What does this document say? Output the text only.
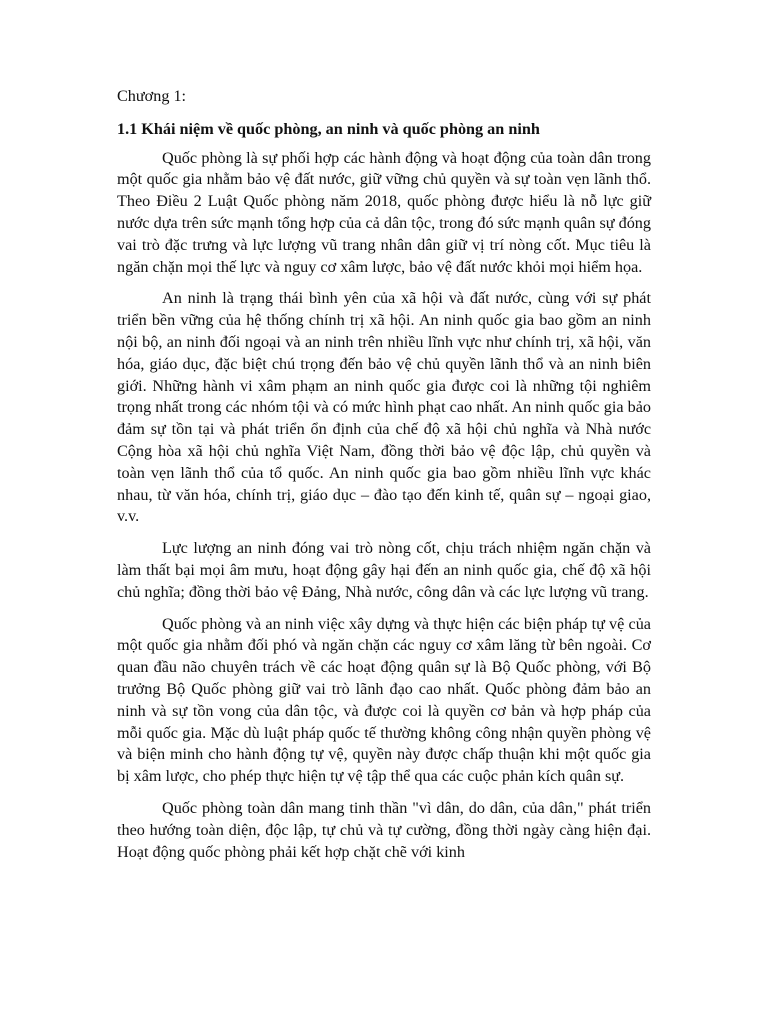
Chương 1:

1.1 Khái niệm về quốc phòng, an ninh và quốc phòng an ninh

Quốc phòng là sự phối hợp các hành động và hoạt động của toàn dân trong một quốc gia nhằm bảo vệ đất nước, giữ vững chủ quyền và sự toàn vẹn lãnh thổ. Theo Điều 2 Luật Quốc phòng năm 2018, quốc phòng được hiểu là nỗ lực giữ nước dựa trên sức mạnh tổng hợp của cả dân tộc, trong đó sức mạnh quân sự đóng vai trò đặc trưng và lực lượng vũ trang nhân dân giữ vị trí nòng cốt. Mục tiêu là ngăn chặn mọi thế lực và nguy cơ xâm lược, bảo vệ đất nước khỏi mọi hiểm họa.

An ninh là trạng thái bình yên của xã hội và đất nước, cùng với sự phát triển bền vững của hệ thống chính trị xã hội. An ninh quốc gia bao gồm an ninh nội bộ, an ninh đối ngoại và an ninh trên nhiều lĩnh vực như chính trị, xã hội, văn hóa, giáo dục, đặc biệt chú trọng đến bảo vệ chủ quyền lãnh thổ và an ninh biên giới. Những hành vi xâm phạm an ninh quốc gia được coi là những tội nghiêm trọng nhất trong các nhóm tội và có mức hình phạt cao nhất. An ninh quốc gia bảo đảm sự tồn tại và phát triển ổn định của chế độ xã hội chủ nghĩa và Nhà nước Cộng hòa xã hội chủ nghĩa Việt Nam, đồng thời bảo vệ độc lập, chủ quyền và toàn vẹn lãnh thổ của tổ quốc. An ninh quốc gia bao gồm nhiều lĩnh vực khác nhau, từ văn hóa, chính trị, giáo dục – đào tạo đến kinh tế, quân sự – ngoại giao, v.v.

Lực lượng an ninh đóng vai trò nòng cốt, chịu trách nhiệm ngăn chặn và làm thất bại mọi âm mưu, hoạt động gây hại đến an ninh quốc gia, chế độ xã hội chủ nghĩa; đồng thời bảo vệ Đảng, Nhà nước, công dân và các lực lượng vũ trang.

Quốc phòng và an ninh việc xây dựng và thực hiện các biện pháp tự vệ của một quốc gia nhằm đối phó và ngăn chặn các nguy cơ xâm lăng từ bên ngoài. Cơ quan đầu não chuyên trách về các hoạt động quân sự là Bộ Quốc phòng, với Bộ trưởng Bộ Quốc phòng giữ vai trò lãnh đạo cao nhất. Quốc phòng đảm bảo an ninh và sự tồn vong của dân tộc, và được coi là quyền cơ bản và hợp pháp của mỗi quốc gia. Mặc dù luật pháp quốc tế thường không công nhận quyền phòng vệ và biện minh cho hành động tự vệ, quyền này được chấp thuận khi một quốc gia bị xâm lược, cho phép thực hiện tự vệ tập thể qua các cuộc phản kích quân sự.

Quốc phòng toàn dân mang tinh thần "vì dân, do dân, của dân," phát triển theo hướng toàn diện, độc lập, tự chủ và tự cường, đồng thời ngày càng hiện đại. Hoạt động quốc phòng phải kết hợp chặt chẽ với kinh
